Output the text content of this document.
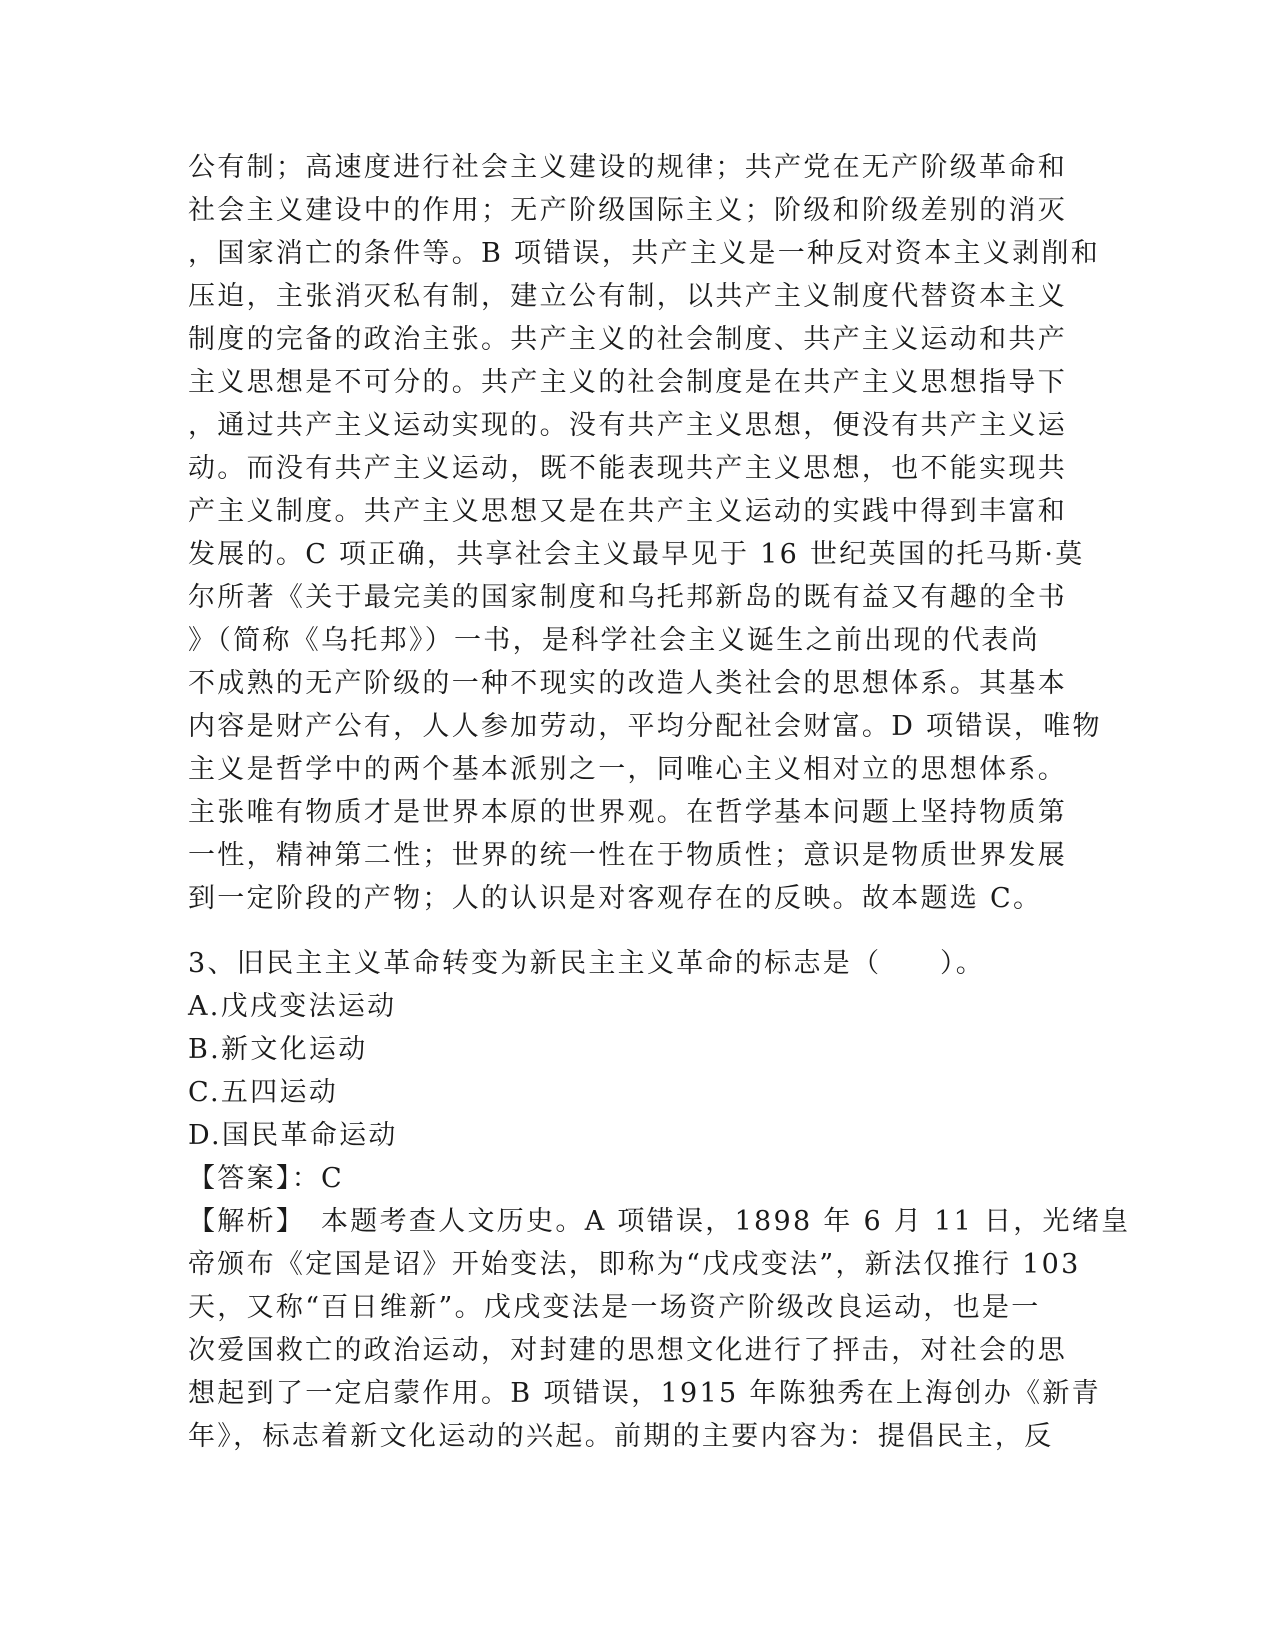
公有制；高速度进行社会主义建设的规律；共产党在无产阶级革命和
社会主义建设中的作用；无产阶级国际主义；阶级和阶级差别的消灭
，国家消亡的条件等。B 项错误，共产主义是一种反对资本主义剥削和
压迫，主张消灭私有制，建立公有制，以共产主义制度代替资本主义
制度的完备的政治主张。共产主义的社会制度、共产主义运动和共产
主义思想是不可分的。共产主义的社会制度是在共产主义思想指导下
，通过共产主义运动实现的。没有共产主义思想，便没有共产主义运
动。而没有共产主义运动，既不能表现共产主义思想，也不能实现共
产主义制度。共产主义思想又是在共产主义运动的实践中得到丰富和
发展的。C 项正确，共享社会主义最早见于 16 世纪英国的托马斯·莫
尔所著《关于最完美的国家制度和乌托邦新岛的既有益又有趣的全书
》（简称《乌托邦》）一书，是科学社会主义诞生之前出现的代表尚
不成熟的无产阶级的一种不现实的改造人类社会的思想体系。其基本
内容是财产公有，人人参加劳动，平均分配社会财富。D 项错误，唯物
主义是哲学中的两个基本派别之一，同唯心主义相对立的思想体系。
主张唯有物质才是世界本原的世界观。在哲学基本问题上坚持物质第
一性，精神第二性；世界的统一性在于物质性；意识是物质世界发展
到一定阶段的产物；人的认识是对客观存在的反映。故本题选 C。
3、旧民主主义革命转变为新民主主义革命的标志是（　　）。
A.戊戌变法运动
B.新文化运动
C.五四运动
D.国民革命运动
【答案】：C
【解析】　本题考查人文历史。A 项错误，1898 年 6 月 11 日，光绪皇
帝颁布《定国是诏》开始变法，即称为“戊戌变法”，新法仅推行 103
天，又称“百日维新”。戊戌变法是一场资产阶级改良运动，也是一
次爱国救亡的政治运动，对封建的思想文化进行了抨击，对社会的思
想起到了一定启蒙作用。B 项错误，1915 年陈独秀在上海创办《新青
年》，标志着新文化运动的兴起。前期的主要内容为：提倡民主，反
